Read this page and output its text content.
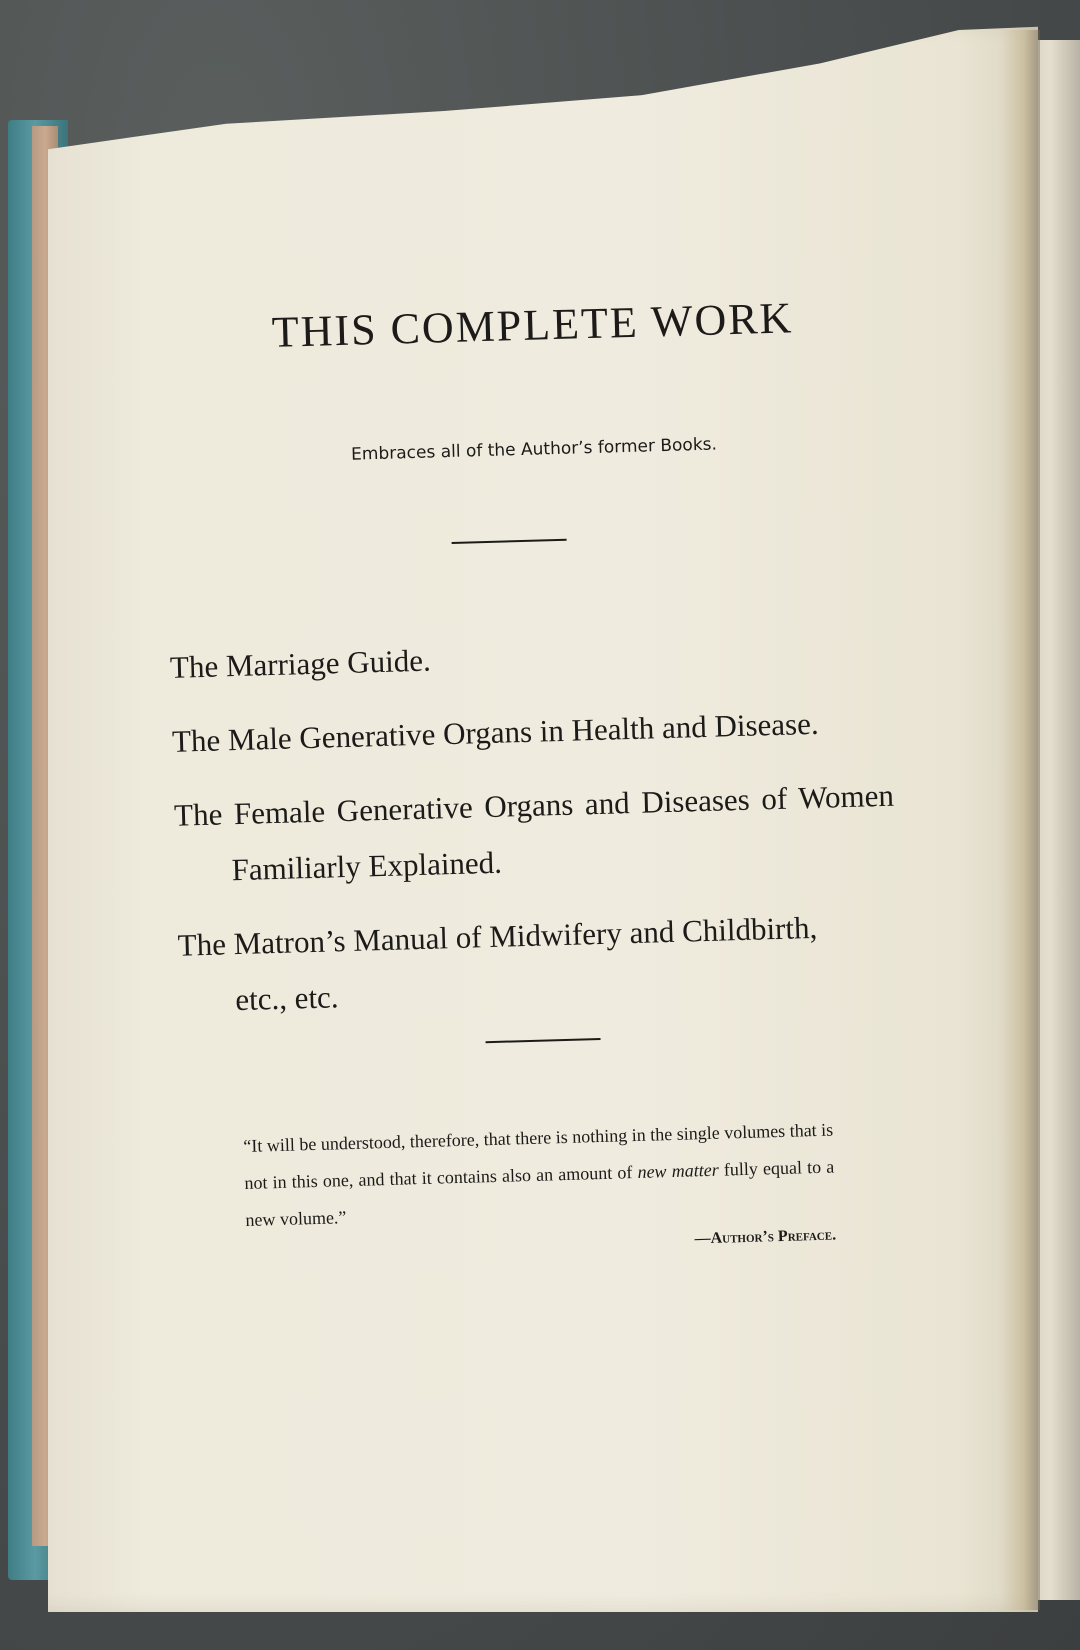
THIS COMPLETE WORK

Embraces all of the Author’s former Books.

The Marriage Guide.
The Male Generative Organs in Health and Disease.
The Female Generative Organs and Diseases of Women Familiarly Explained.
The Matron’s Manual of Midwifery and Childbirth,
etc., etc.

“It will be understood, therefore, that there is nothing in the single volumes that is not in this one, and that it contains also an amount of new matter fully equal to a new volume.”

—Author’s Preface.
